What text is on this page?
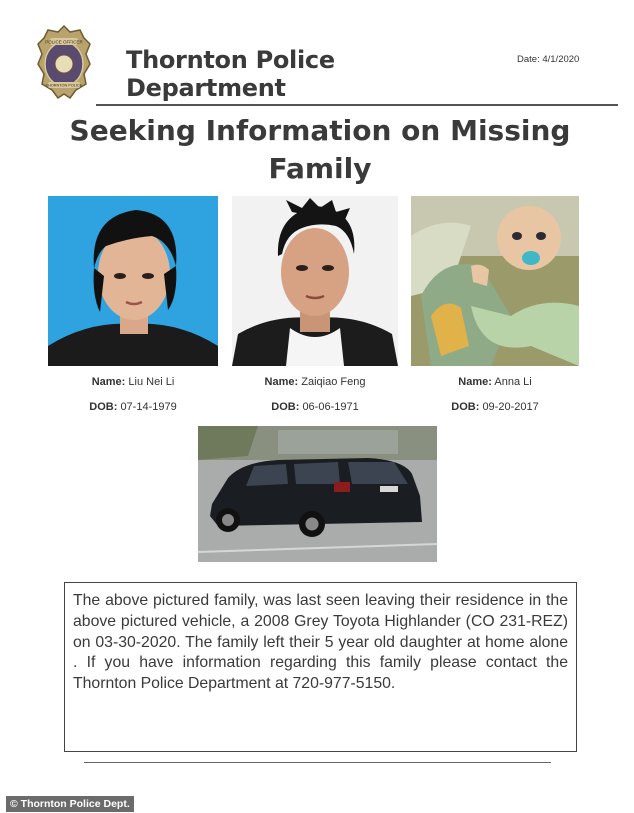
POLICE OFFICER
THORNTON POLICE
Thornton Police Department
Date: 4/1/2020
Seeking Information on Missing
Family
Name: Liu Nei Li
DOB: 07-14-1979
Name: Zaiqiao Feng
DOB: 06-06-1971
Name: Anna Li
DOB: 09-20-2017
The above pictured family, was last seen leaving their residence in the above pictured vehicle, a 2008 Grey Toyota Highlander (CO 231-REZ) on 03-30-2020. The family left their 5 year old daughter at home alone . If you have information regarding this family please contact the Thornton Police Department at 720-977-5150.
© Thornton Police Dept.
